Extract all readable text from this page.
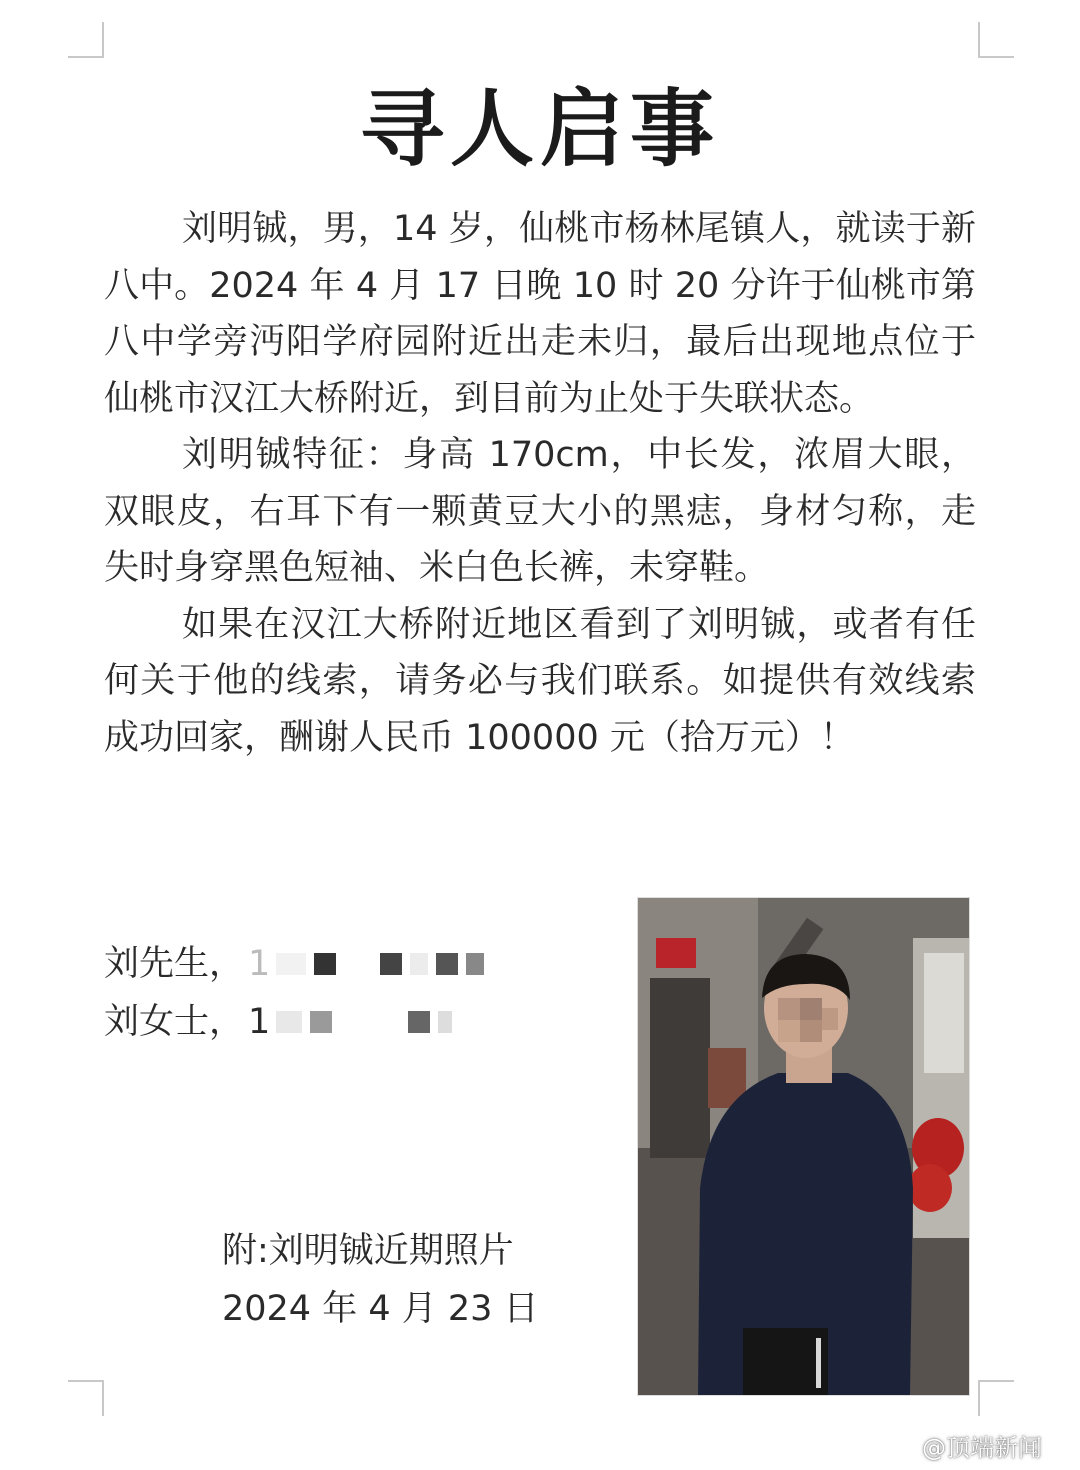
寻人启事

刘明铖，男，14 岁，仙桃市杨林尾镇人，就读于新八中。2024 年 4 月 17 日晚 10 时 20 分许于仙桃市第八中学旁沔阳学府园附近出走未归，最后出现地点位于仙桃市汉江大桥附近，到目前为止处于失联状态。

刘明铖特征：身高 170cm，中长发，浓眉大眼，双眼皮，右耳下有一颗黄豆大小的黑痣，身材匀称，走失时身穿黑色短袖、米白色长裤，未穿鞋。

如果在汉江大桥附近地区看到了刘明铖，或者有任何关于他的线索，请务必与我们联系。如提供有效线索成功回家，酬谢人民币 100000 元（拾万元）！

刘先生， 1
刘女士， 1
附:刘明铖近期照片
2024 年 4 月 23 日
@顶端新闻
